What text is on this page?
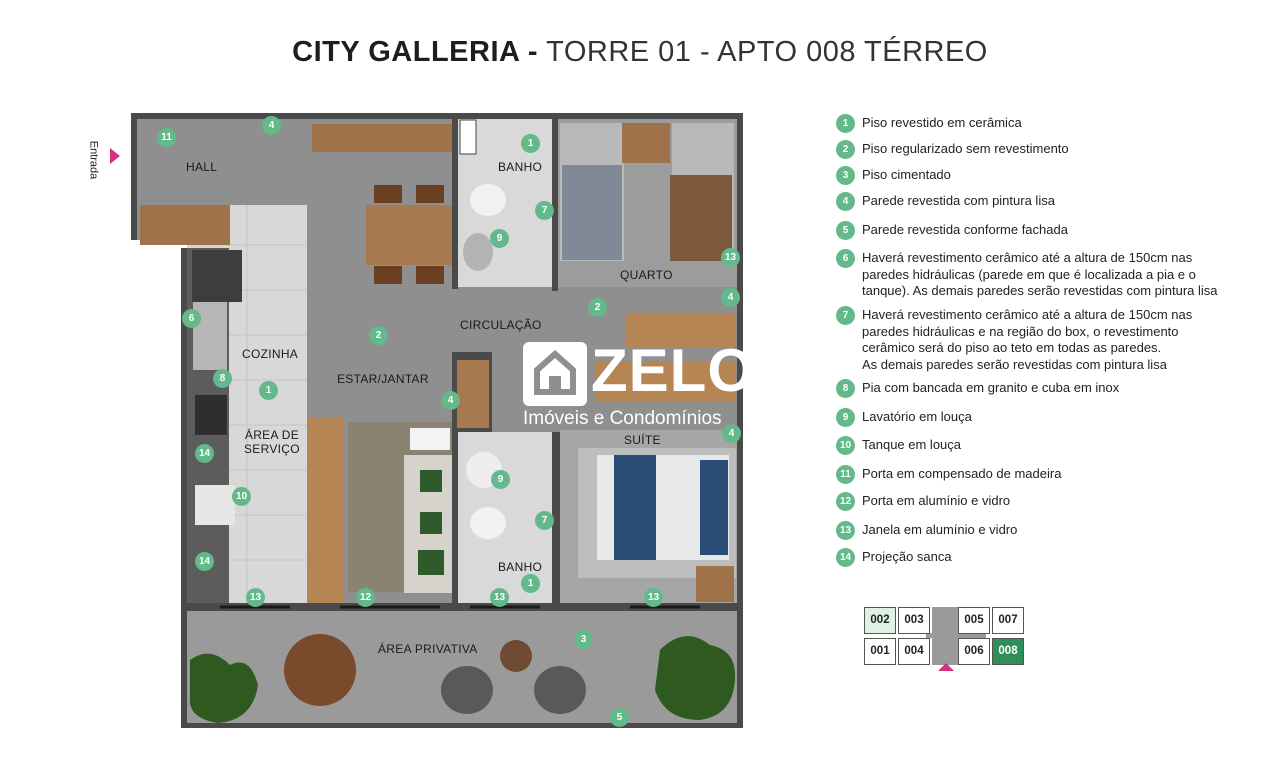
CITY GALLERIA - TORRE 01 - APTO 008 TÉRREO
HALL	BANHO
QUARTO
CIRCULAÇÃO
COZINHA
ESTAR/JANTAR
ÁREA DE
SERVIÇO
SUÍTE
BANHO
ÁREA PRIVATIVA
Entrada
11
4
1
7
9
13
4
2
6
2
8
1
4
14
10
14
4
9
7
1
13
12
13	13
3
5
ZELO
Imóveis e Condomínios
1	Piso revestido em cerâmica
2	Piso regularizado sem revestimento
3	Piso cimentado
4	Parede revestida com pintura lisa
5	Parede revestida conforme fachada
6	Haverá revestimento cerâmico até a altura de 150cm nas
paredes hidráulicas (parede em que é localizada a pia e o
tanque). As demais paredes serão revestidas com pintura lisa
7	Haverá revestimento cerâmico até a altura de 150cm nas
paredes hidráulicas e na região do box, o revestimento
cerâmico será do piso ao teto em todas as paredes.
As demais paredes serão revestidas com pintura lisa
8	Pia com bancada em granito e cuba em inox
9	Lavatório em louça
10 Tanque em louça
11 Porta em compensado de madeira
12 Porta em alumínio e vidro
13 Janela em alumínio e vidro
14 Projeção sanca
002	003	005	007
001	004	006	008
